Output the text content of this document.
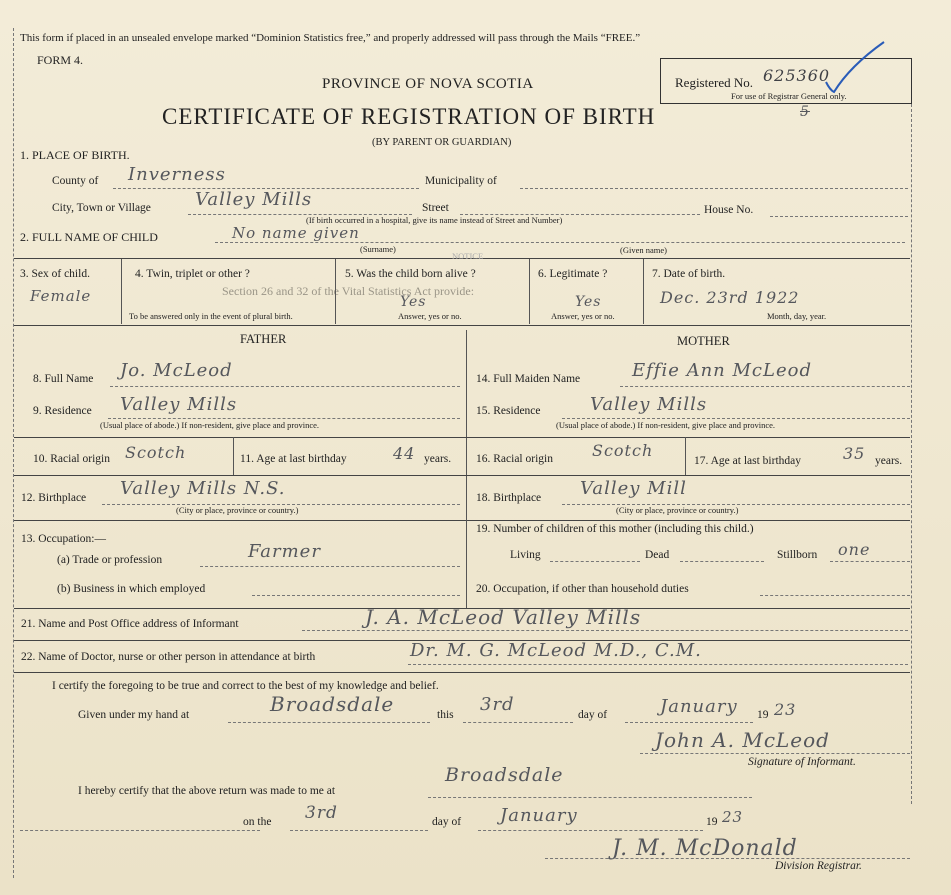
This form if placed in an unsealed envelope marked “Dominion Statistics free,” and properly addressed will pass through the Mails “FREE.”
FORM 4.
PROVINCE OF NOVA SCOTIA
CERTIFICATE OF REGISTRATION OF BIRTH
(BY PARENT OR GUARDIAN)
Registered No. 625360
For use of Registrar General only.
5
1. PLACE OF BIRTH.
County of Inverness	Municipality of
City, Town or Village Valley Mills	Street
(If birth occurred in a hospital, give its name instead of Street and Number)
House No.
2. FULL NAME OF CHILD	No name given
(Surname)	(Given name)
NOTICE
Section 26 and 32 of the Vital Statistics Act provide:
3. Sex of child.
Female
4. Twin, triplet or other ?
To be answered only in the event of plural birth.
5. Was the child born alive ?
Yes
Answer, yes or no.
6. Legitimate ?
Yes
Answer, yes or no.
7. Date of birth.
Dec. 23rd 1922
Month, day, year.
FATHER	MOTHER
8. Full Name Jo. McLeod
9. Residence Valley Mills
(Usual place of abode.) If non-resident, give place and province.
10. Racial origin Scotch	11. Age at last birthday	44 years.
12. Birthplace Valley Mills N.S.
(City or place, province or country.)
14. Full Maiden Name	Effie Ann McLeod
15. Residence	Valley Mills
(Usual place of abode.) If non-resident, give place and province.
16. Racial origin Scotch
17. Age at last birthday	35 years.
18. Birthplace Valley Mill
(City or place, province or country.)
13. Occupation:—
(a) Trade or profession	Farmer
(b) Business in which employed
19. Number of children of this mother (including this child.)
Living	Dead	Stillborn one
20. Occupation, if other than household duties
21. Name and Post Office address of Informant	J. A. McLeod Valley Mills
22. Name of Doctor, nurse or other person in attendance at birth	Dr. M. G. McLeod M.D., C.M.
I certify the foregoing to be true and correct to the best of my knowledge and belief.
Given under my hand at	Broadsdale	this 3rd	day of	January 19 23
John A. McLeod
Signature of Informant.
I hereby certify that the above return was made to me at
Broadsdale
on the 3rd	day of January	19 23
J. M. McDonald
Division Registrar.
